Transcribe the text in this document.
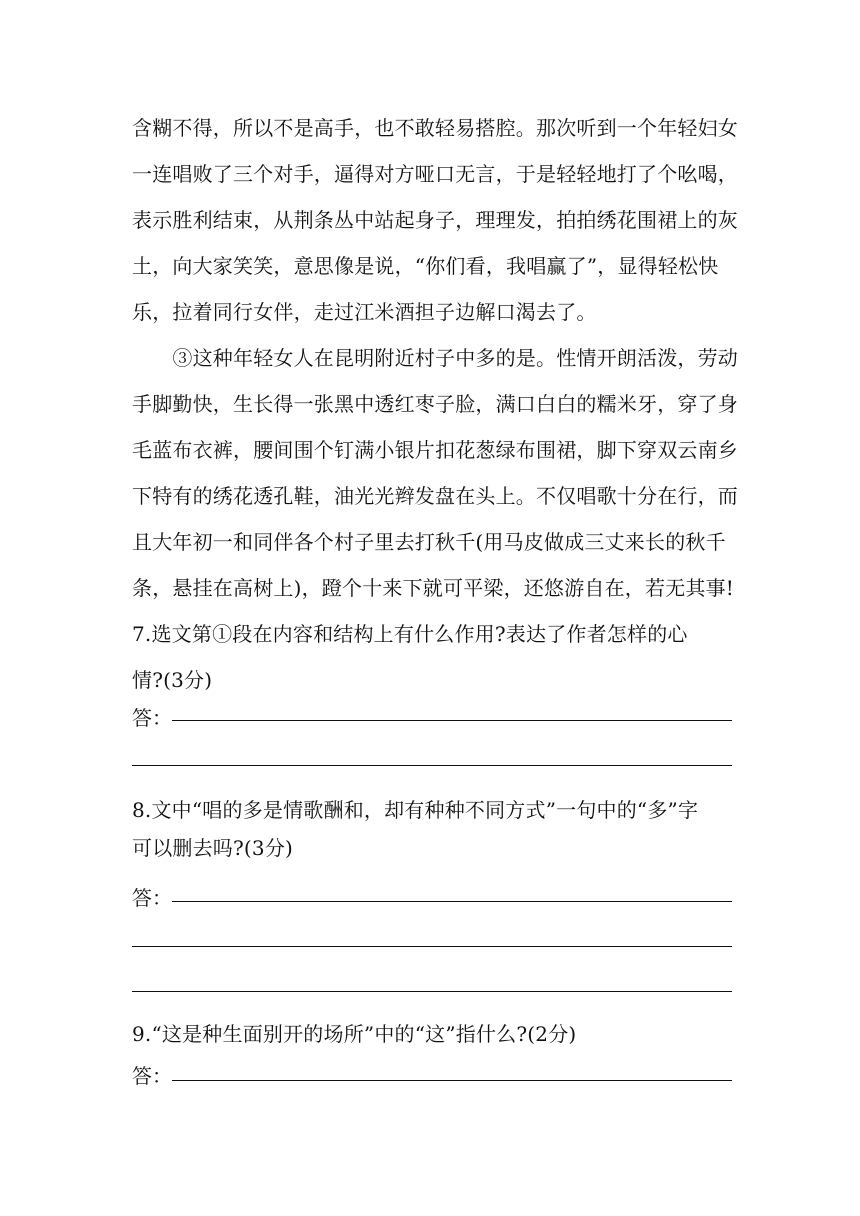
含糊不得，所以不是高手，也不敢轻易搭腔。那次听到一个年轻妇女
一连唱败了三个对手，逼得对方哑口无言，于是轻轻地打了个吆喝，
表示胜利结束，从荆条丛中站起身子，理理发，拍拍绣花围裙上的灰
土，向大家笑笑，意思像是说，“你们看，我唱赢了”，显得轻松快
乐，拉着同行女伴，走过江米酒担子边解口渴去了。
　　③这种年轻女人在昆明附近村子中多的是。性情开朗活泼，劳动
手脚勤快，生长得一张黑中透红枣子脸，满口白白的糯米牙，穿了身
毛蓝布衣裤，腰间围个钉满小银片扣花葱绿布围裙，脚下穿双云南乡
下特有的绣花透孔鞋，油光光辫发盘在头上。不仅唱歌十分在行，而
且大年初一和同伴各个村子里去打秋千(用马皮做成三丈来长的秋千
条，悬挂在高树上)，蹬个十来下就可平梁，还悠游自在，若无其事!
7.选文第①段在内容和结构上有什么作用?表达了作者怎样的心
情?(3分)
答：
8.文中“唱的多是情歌酬和，却有种种不同方式”一句中的“多”字
可以删去吗?(3分)
答：
9.“这是种生面别开的场所”中的“这”指什么?(2分)
答：
